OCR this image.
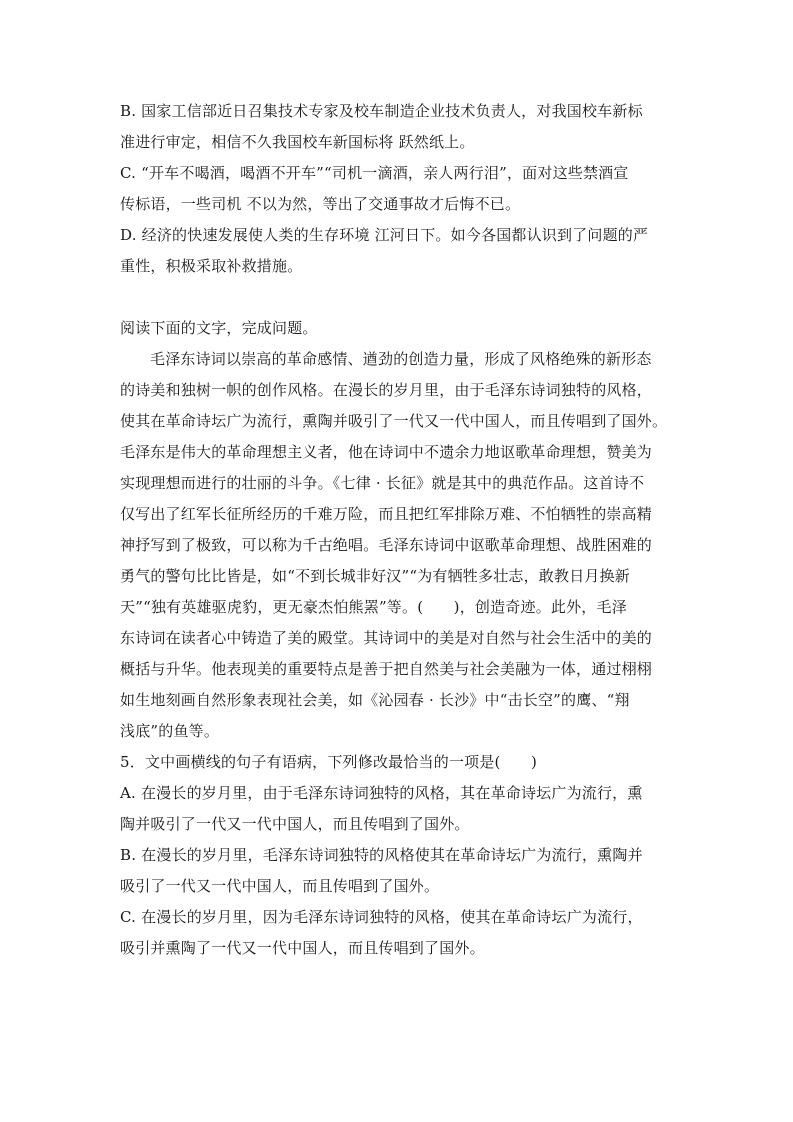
B. 国家工信部近日召集技术专家及校车制造企业技术负责人，对我国校车新标
准进行审定，相信不久我国校车新国标将 跃然纸上。
C. “开车不喝酒，喝酒不开车”“司机一滴酒，亲人两行泪”，面对这些禁酒宣
传标语，一些司机 不以为然，等出了交通事故才后悔不已。
D. 经济的快速发展使人类的生存环境 江河日下。如今各国都认识到了问题的严
重性，积极采取补救措施。
阅读下面的文字，完成问题。
毛泽东诗词以崇高的革命感情、遒劲的创造力量，形成了风格绝殊的新形态
的诗美和独树一帜的创作风格。在漫长的岁月里，由于毛泽东诗词独特的风格，
使其在革命诗坛广为流行，熏陶并吸引了一代又一代中国人，而且传唱到了国外。
毛泽东是伟大的革命理想主义者，他在诗词中不遗余力地讴歌革命理想，赞美为
实现理想而进行的壮丽的斗争。《七律 · 长征》就是其中的典范作品。这首诗不
仅写出了红军长征所经历的千难万险，而且把红军排除万难、不怕牺牲的崇高精
神抒写到了极致，可以称为千古绝唱。毛泽东诗词中讴歌革命理想、战胜困难的
勇气的警句比比皆是，如“不到长城非好汉”“为有牺牲多壮志，敢教日月换新
天”“独有英雄驱虎豹，更无豪杰怕熊罴”等。(　　)，创造奇迹。此外，毛泽
东诗词在读者心中铸造了美的殿堂。其诗词中的美是对自然与社会生活中的美的
概括与升华。他表现美的重要特点是善于把自然美与社会美融为一体，通过栩栩
如生地刻画自然形象表现社会美，如《沁园春 · 长沙》中“击长空”的鹰、“翔
浅底”的鱼等。
5．文中画横线的句子有语病，下列修改最恰当的一项是(　　)
A. 在漫长的岁月里，由于毛泽东诗词独特的风格，其在革命诗坛广为流行，熏
陶并吸引了一代又一代中国人，而且传唱到了国外。
B. 在漫长的岁月里，毛泽东诗词独特的风格使其在革命诗坛广为流行，熏陶并
吸引了一代又一代中国人，而且传唱到了国外。
C. 在漫长的岁月里，因为毛泽东诗词独特的风格，使其在革命诗坛广为流行，
吸引并熏陶了一代又一代中国人，而且传唱到了国外。
